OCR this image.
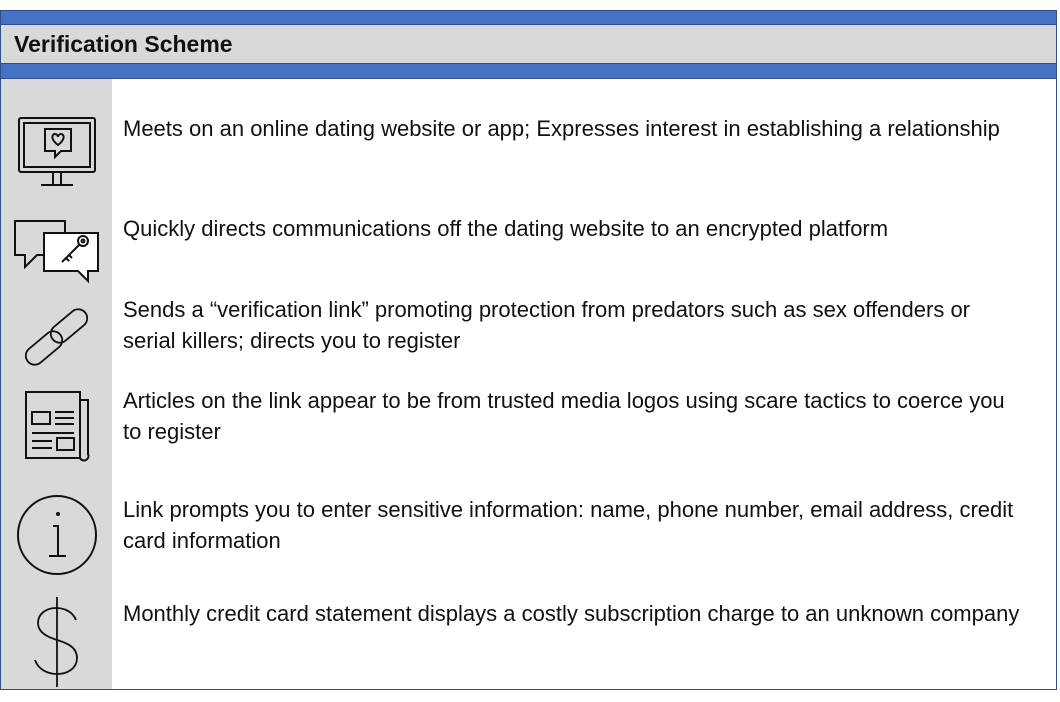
Verification Scheme
Meets on an online dating website or app; Expresses interest in establishing a relationship
Quickly directs communications off the dating website to an encrypted platform
Sends a “verification link” promoting protection from predators such as sex offenders or serial killers; directs you to register
Articles on the link appear to be from trusted media logos using scare tactics to coerce you to register
Link prompts you to enter sensitive information: name, phone number, email address, credit card information
Monthly credit card statement displays a costly subscription charge to an unknown company
